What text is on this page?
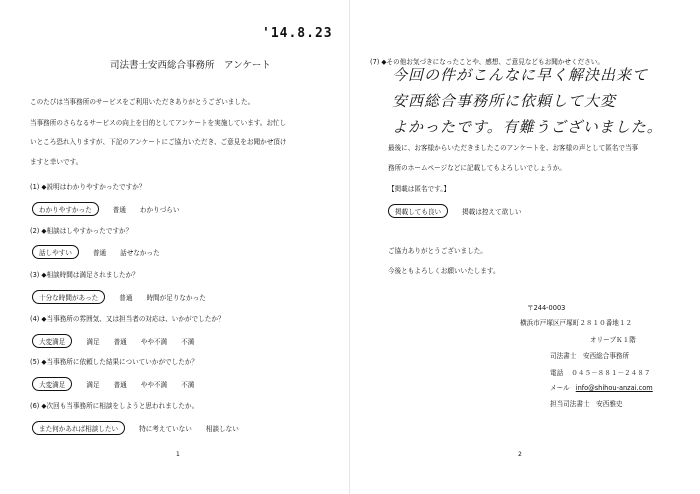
'14.8.23
司法書士安西総合事務所　アンケート
このたびは当事務所のサービスをご利用いただきありがとうございました。
当事務所のさらなるサービスの向上を目的としてアンケートを実施しています。お忙し
いところ恐れ入りますが、下記のアンケートにご協力いただき、ご意見をお聞かせ頂け
ますと幸いです。
(1) ◆説明はわかりやすかったですか？
わかりやすかった	普通 わかりづらい
(2) ◆相談はしやすかったですか？
話しやすい	普通 話せなかった
(3) ◆相談時間は満足されましたか？
十分な時間があった	普通 時間が足りなかった
(4) ◆当事務所の雰囲気、又は担当者の対応は、いかがでしたか？
大変満足	満足 普通 やや不満 不満
(5) ◆当事務所に依頼した結果についていかがでしたか？
大変満足	満足 普通 やや不満 不満
(6) ◆次回も当事務所に相談をしようと思われましたか。
また何かあれば相談したい	特に考えていない 相談しない
1
(7) ◆その他お気づきになったことや、感想、ご意見などもお聞かせください。
今回の件がこんなに早く解決出来て
安西総合事務所に依頼して大変
よかったです。有難うございました。
最後に、お客様からいただきましたこのアンケートを、お客様の声として匿名で当事
務所のホームページなどに記載してもよろしいでしょうか。
【掲載は匿名です。】
掲載しても良い	掲載は控えて欲しい
ご協力ありがとうございました。
今後ともよろしくお願いいたします。
〒244-0003
横浜市戸塚区戸塚町２８１０番地１２
オリーブＫ１階
司法書士　安西総合事務所
電話 ０４５－８８１－２４８７
メール info@shihou-anzai.com
担当司法書士　安西雅史
2
